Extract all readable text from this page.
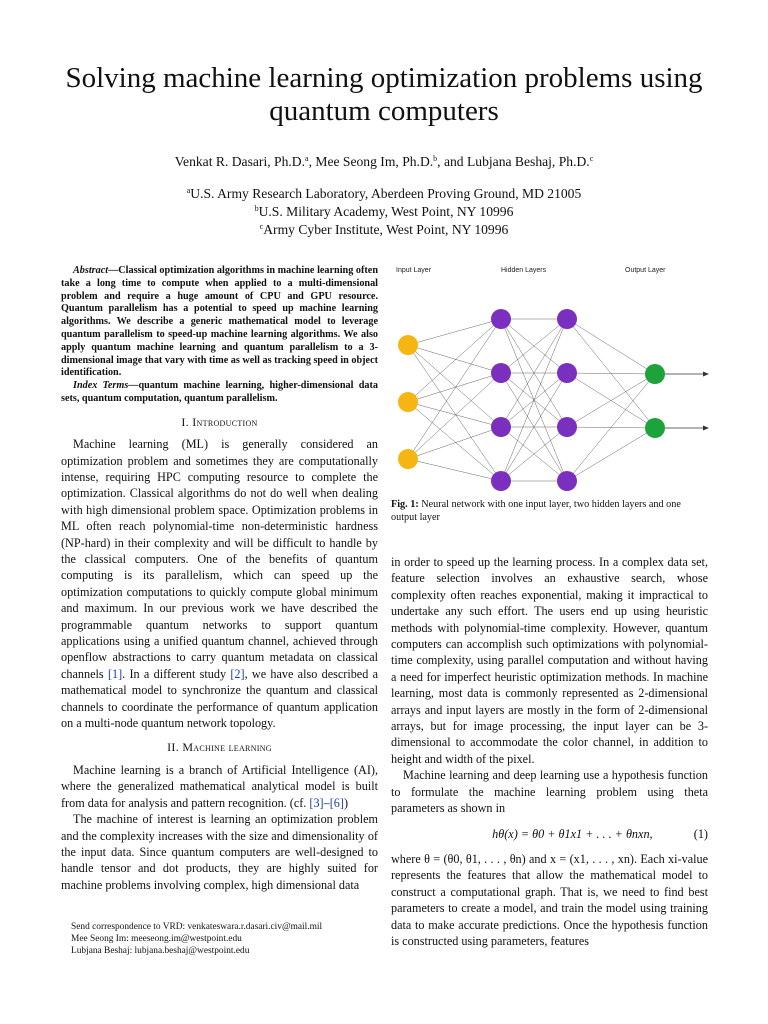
Solving machine learning optimization problems using quantum computers
Venkat R. Dasari, Ph.D.$^a$, Mee Seong Im, Ph.D.$^b$, and Lubjana Beshaj, Ph.D.$^c$
$^a$U.S. Army Research Laboratory, Aberdeen Proving Ground, MD 21005
$^b$U.S. Military Academy, West Point, NY 10996
$^c$Army Cyber Institute, West Point, NY 10996

Abstract—Classical optimization algorithms in machine learning often take a long time to compute when applied to a multi-dimensional problem and require a huge amount of CPU and GPU resource. Quantum parallelism has a potential to speed up machine learning algorithms. We describe a generic mathematical model to leverage quantum parallelism to speed-up machine learning algorithms. We also apply quantum machine learning and quantum parallelism to a 3-dimensional image that vary with time as well as tracking speed in object identification.

Index Terms—quantum machine learning, higher-dimensional data sets, quantum computation, quantum parallelism.

I. Introduction

Machine learning (ML) is generally considered an optimization problem and sometimes they are computationally intense, requiring HPC computing resource to complete the optimization. Classical algorithms do not do well when dealing with high dimensional problem space. Optimization problems in ML often reach polynomial-time non-deterministic hardness (NP-hard) in their complexity and will be difficult to handle by the classical computers. One of the benefits of quantum computing is its parallelism, which can speed up the optimization computations to quickly compute global minimum and maximum. In our previous work we have described the programmable quantum networks to support quantum applications using a unified quantum channel, achieved through openflow abstractions to carry quantum metadata on classical channels [1]. In a different study [2], we have also described a mathematical model to synchronize the quantum and classical channels to coordinate the performance of quantum application on a multi-node quantum network topology.

II. Machine learning

Machine learning is a branch of Artificial Intelligence (AI), where the generalized mathematical analytical model is built from data for analysis and pattern recognition. (cf. [3]–[6])

The machine of interest is learning an optimization problem and the complexity increases with the size and dimensionality of the input data. Since quantum computers are well-designed to handle tensor and dot products, they are highly suited for machine problems involving complex, high dimensional data

Send correspondence to VRD: venkateswara.r.dasari.civ@mail.mil
Mee Seong Im: meeseong.im@westpoint.edu
Lubjana Beshaj: lubjana.beshaj@westpoint.edu
Input Layer	Hidden Layers	Output Layer
Fig. 1: Neural network with one input layer, two hidden layers and one output layer

in order to speed up the learning process. In a complex data set, feature selection involves an exhaustive search, whose complexity often reaches exponential, making it impractical to undertake any such effort. The users end up using heuristic methods with polynomial-time complexity. However, quantum computers can accomplish such optimizations with polynomial-time complexity, using parallel computation and without having a need for imperfect heuristic optimization methods. In machine learning, most data is commonly represented as 2-dimensional arrays and input layers are mostly in the form of 2-dimensional arrays, but for image processing, the input layer can be 3-dimensional to accommodate the color channel, in addition to height and width of the pixel.

Machine learning and deep learning use a hypothesis function to formulate the machine learning problem using theta parameters as shown in

hθ(x) = θ0 + θ1x1 + . . . + θnxn,	(1)

where θ = (θ0, θ1, . . . , θn) and x = (x1, . . . , xn). Each xi-value represents the features that allow the mathematical model to construct a computational graph. That is, we need to find best parameters to create a model, and train the model using training data to make accurate predictions. Once the hypothesis function is constructed using parameters, features
